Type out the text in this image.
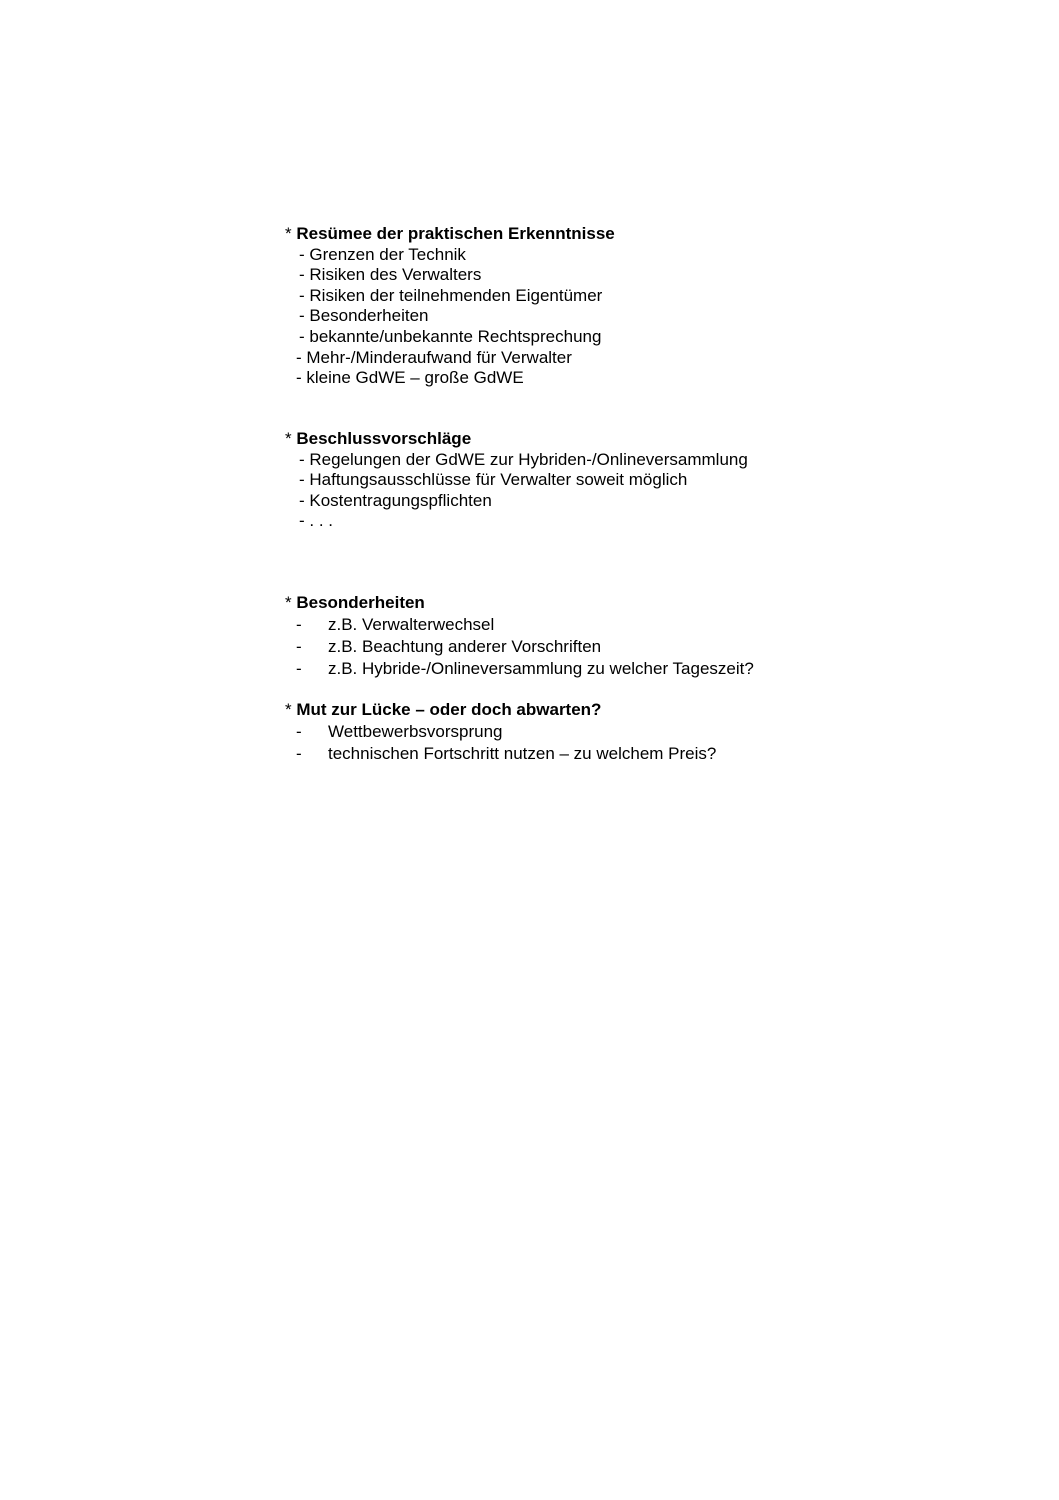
* Resümee der praktischen Erkenntnisse
- Grenzen der Technik
- Risiken des Verwalters
- Risiken der teilnehmenden Eigentümer
- Besonderheiten
- bekannte/unbekannte Rechtsprechung
- Mehr-/Minderaufwand für Verwalter
- kleine GdWE – große GdWE
* Beschlussvorschläge
- Regelungen der GdWE zur Hybriden-/Onlineversammlung
- Haftungsausschlüsse für Verwalter soweit möglich
- Kostentragungspflichten
- . . .
* Besonderheiten
- z.B. Verwalterwechsel
- z.B. Beachtung anderer Vorschriften
- z.B. Hybride-/Onlineversammlung zu welcher Tageszeit?
* Mut zur Lücke – oder doch abwarten?
- Wettbewerbsvorsprung
- technischen Fortschritt nutzen – zu welchem Preis?
